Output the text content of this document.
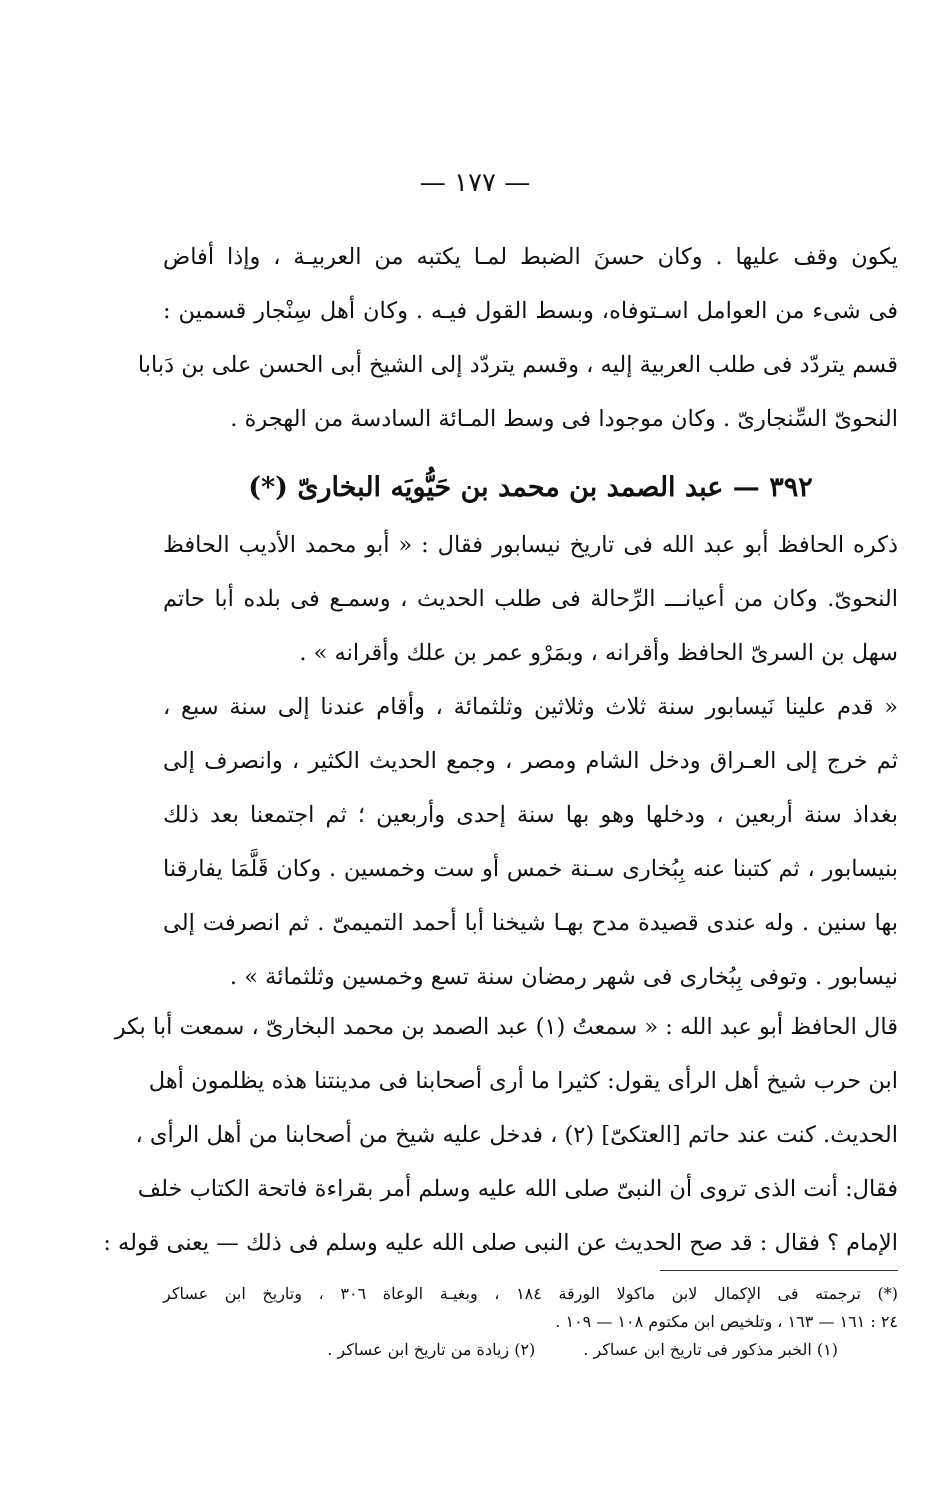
— ١٧٧ —
يكون وقف عليها . وكان حسنَ الضبط لمـا يكتبه من العربيـة ، وإذا أفاض
فى شىء من العوامل اسـتوفاه، وبسط القول فيـه . وكان أهل سِنْجار قسمين :
قسم يتردّد فى طلب العربية إليه ، وقسم يتردّد إلى الشيخ أبى الحسن على بن دَبابا
النحوىّ السِّنجارىّ . وكان موجودا فى وسط المـائة السادسة من الهجرة .
٣٩٢ — عبد الصمد بن محمد بن حَيُّويَه البخارىّ (*)
ذكره الحافظ أبو عبد الله فى تاريخ نيسابور فقال : « أبو محمد الأديب الحافظ
النحوىّ. وكان من أعيانـــ الرِّحالة فى طلب الحديث ، وسمـع فى بلده أبا حاتم
سهل بن السرىّ الحافظ وأقرانه ، وبمَرْو عمر بن علك وأقرانه » .
« قدم علينا نَيسابور سنة ثلاث وثلاثين وثلثمائة ، وأقام عندنا إلى سنة سبع ،
ثم خرج إلى العـراق ودخل الشام ومصر ، وجمع الحديث الكثير ، وانصرف إلى
بغداذ سنة أربعين ، ودخلها وهو بها سنة إحدى وأربعين ؛ ثم اجتمعنا بعد ذلك
بنيسابور ، ثم كتبنا عنه بِبُخارى سـنة خمس أو ست وخمسين . وكان قَلَّمَا يفارقنا
بها سنين . وله عندى قصيدة مدح بهـا شيخنا أبا أحمد التميمىّ . ثم انصرفت إلى
نيسابور . وتوفى بِبُخارى فى شهر رمضان سنة تسع وخمسين وثلثمائة » .
قال الحافظ أبو عبد الله : « سمعتُ (١) عبد الصمد بن محمد البخارىّ ، سمعت أبا بكر
ابن حرب شيخ أهل الرأى يقول: كثيرا ما أرى أصحابنا فى مدينتنا هذه يظلمون أهل
الحديث. كنت عند حاتم [العتكىّ] (٢) ، فدخل عليه شيخ من أصحابنا من أهل الرأى ،
فقال: أنت الذى تروى أن النبىّ صلى الله عليه وسلم أمر بقراءة فاتحة الكتاب خلف
الإمام ؟ فقال : قد صح الحديث عن النبى صلى الله عليه وسلم فى ذلك — يعنى قوله :
(*) ترجمته فى الإكمال لابن ماكولا الورقة ١٨٤ ، وبغيـة الوعاة ٣٠٦ ، وتاريخ ابن عساكر
٢٤ : ١٦١ — ١٦٣ ، وتلخيص ابن مكتوم ١٠٨ — ١٠٩ .
(١) الخبر مذكور فى تاريخ ابن عساكر .
(٢) زيادة من تاريخ ابن عساكر .
